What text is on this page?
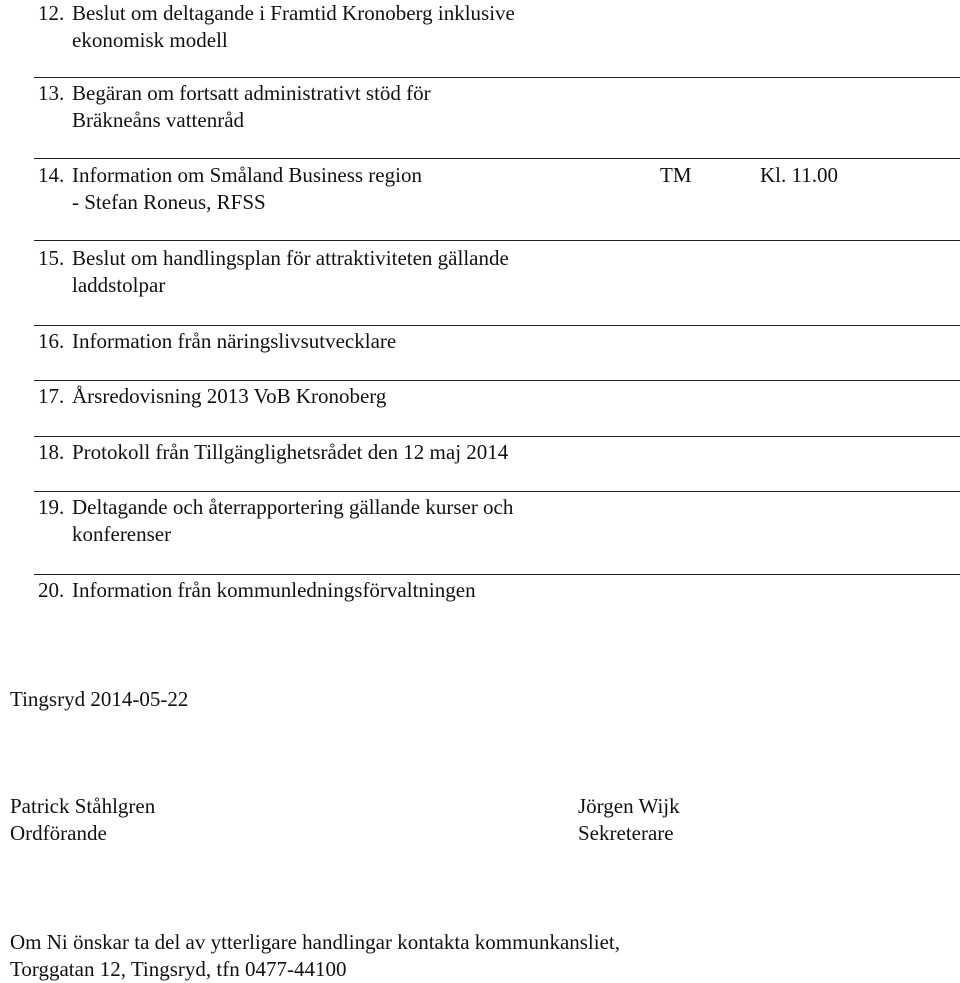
12. Beslut om deltagande i Framtid Kronoberg inklusive
ekonomisk modell
13. Begäran om fortsatt administrativt stöd för
Bräkneåns vattenråd
14. Information om Småland Business region
- Stefan Roneus, RFSS
TM	Kl. 11.00
15. Beslut om handlingsplan för attraktiviteten gällande
laddstolpar
16. Information från näringslivsutvecklare
17. Årsredovisning 2013 VoB Kronoberg
18. Protokoll från Tillgänglighetsrådet den 12 maj 2014
19. Deltagande och återrapportering gällande kurser och
konferenser
20. Information från kommunledningsförvaltningen
Tingsryd 2014-05-22
Patrick Ståhlgren
Ordförande
Jörgen Wijk
Sekreterare
Om Ni önskar ta del av ytterligare handlingar kontakta kommunkansliet,
Torggatan 12, Tingsryd, tfn 0477-44100
